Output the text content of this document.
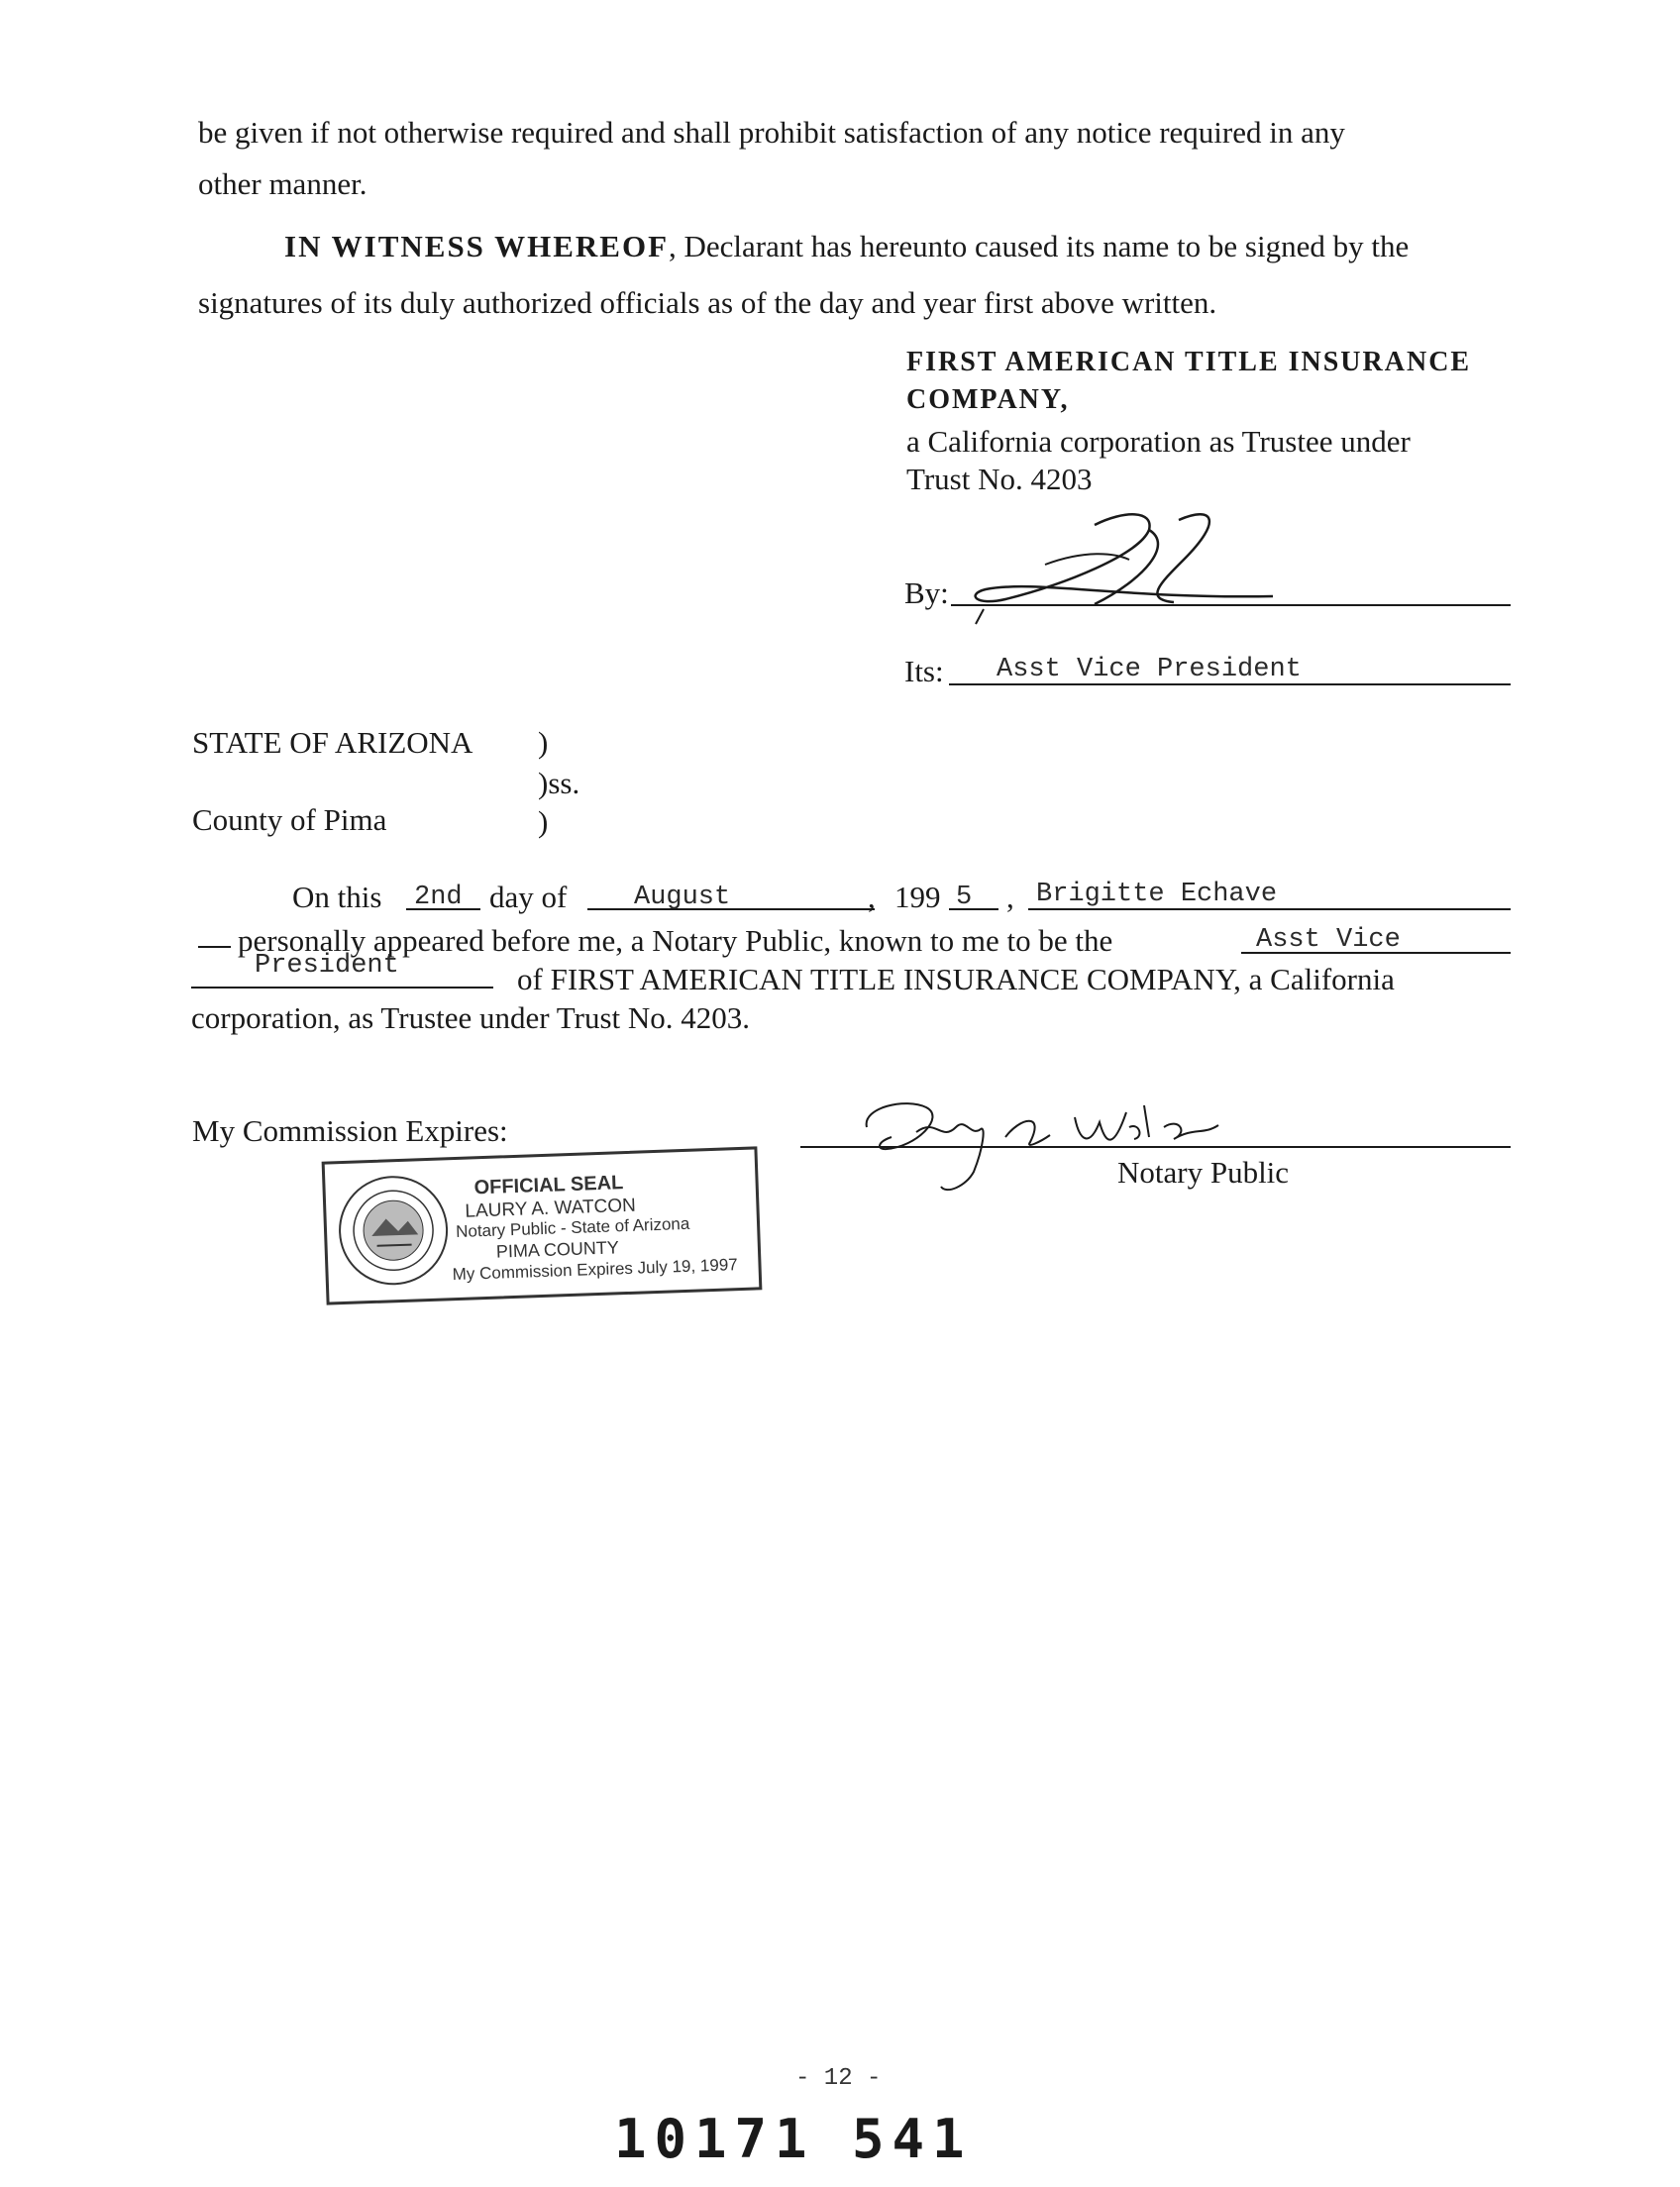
be given if not otherwise required and shall prohibit satisfaction of any notice required in any
other manner.
IN WITNESS WHEREOF, Declarant has hereunto caused its name to be signed by the
signatures of its duly authorized officials as of the day and year first above written.
FIRST AMERICAN TITLE INSURANCE
COMPANY,
a California corporation as Trustee under
Trust No. 4203
By:
Its: Asst Vice President
STATE OF ARIZONA )
)ss.
County of Pima	)
On this 2nd day of	August	, 199 5 , Brigitte Echave
personally appeared before me, a Notary Public, known to me to be the	Asst Vice
President	of FIRST AMERICAN TITLE INSURANCE COMPANY, a California
corporation, as Trustee under Trust No. 4203.
My Commission Expires:
Notary Public
OFFICIAL SEAL
LAURY A. WATCON
Notary Public - State of Arizona
PIMA COUNTY
My Commission Expires July 19, 1997
- 12 -
10171 541
